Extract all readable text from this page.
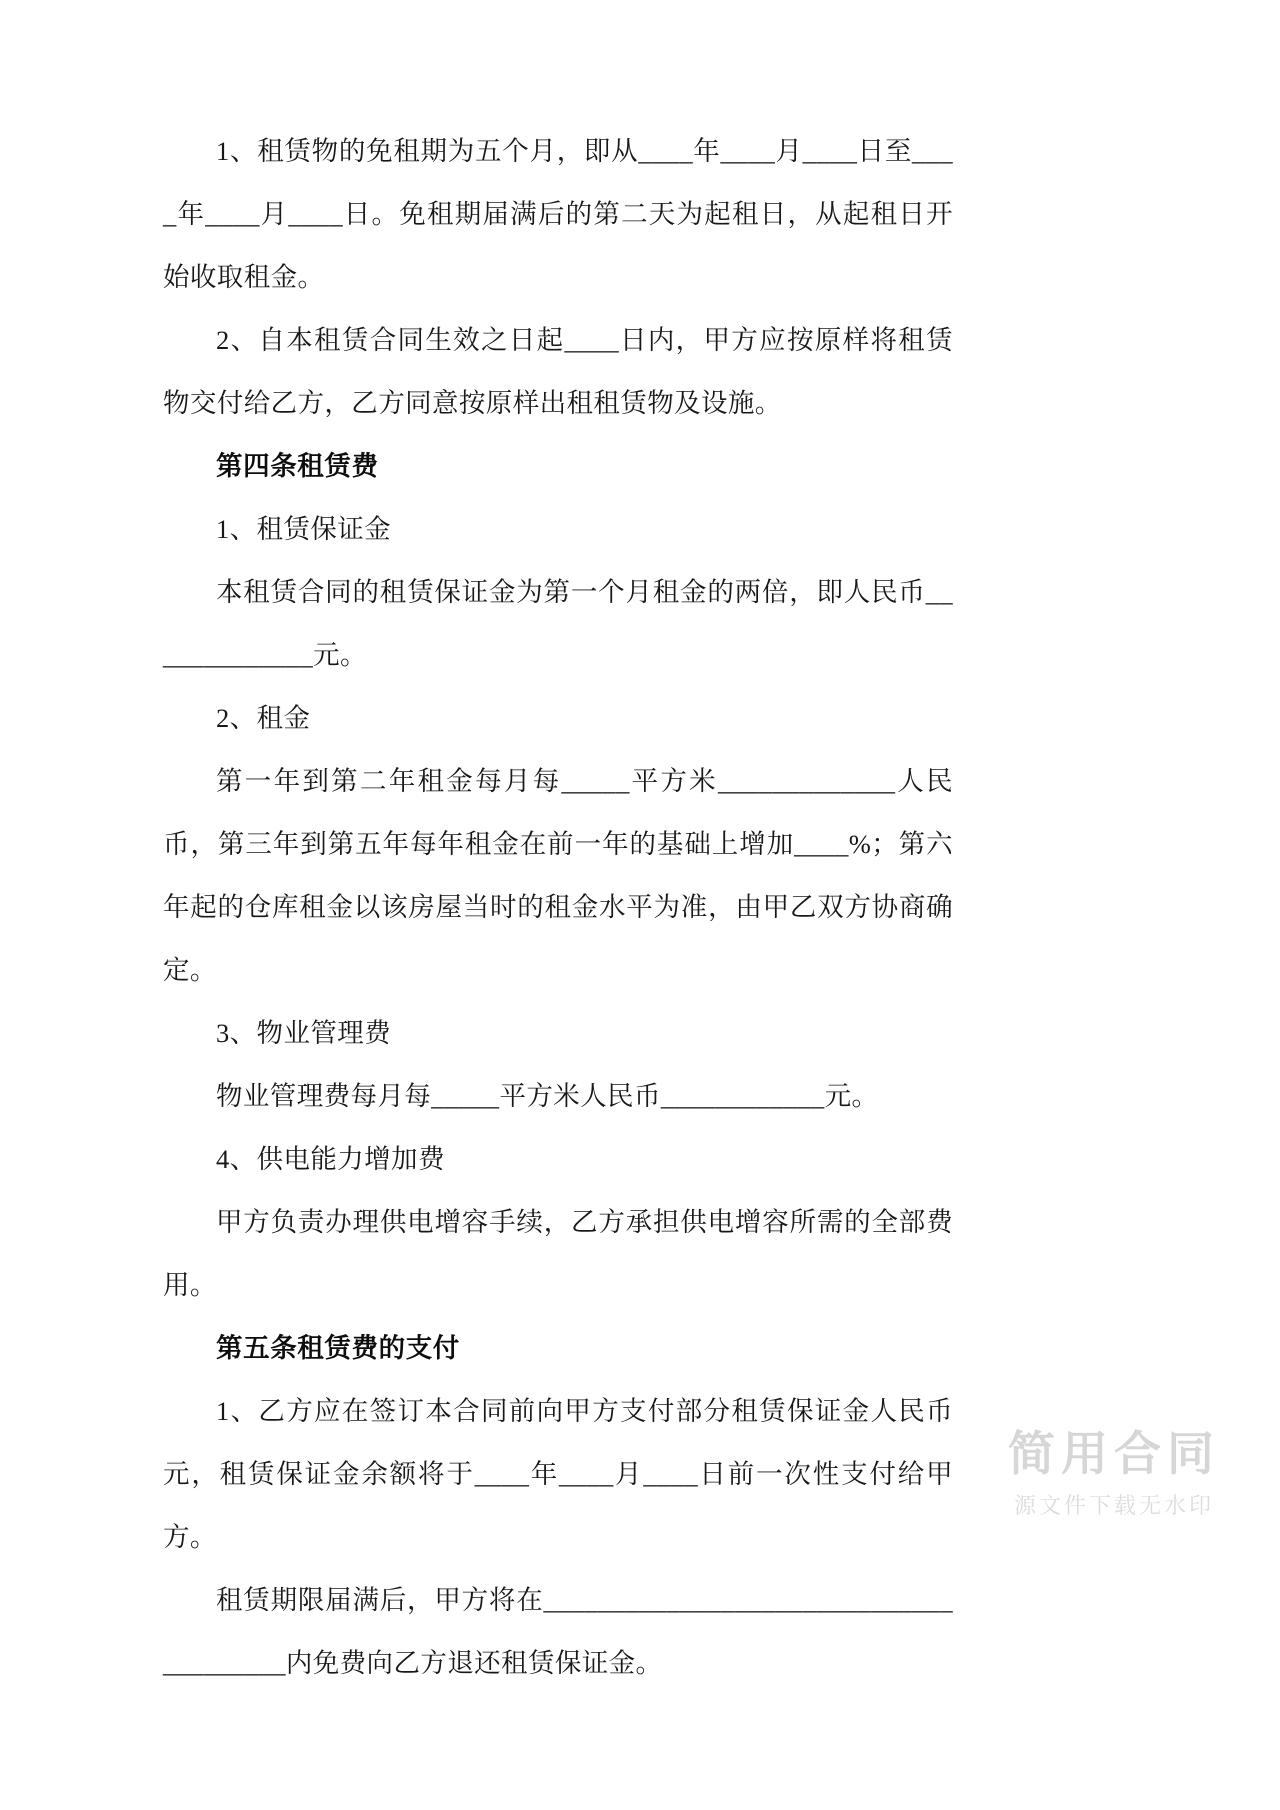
1、租赁物的免租期为五个月，即从____年____月____日至____年____月____日。免租期届满后的第二天为起租日，从起租日开始收取租金。

2、自本租赁合同生效之日起____日内，甲方应按原样将租赁物交付给乙方，乙方同意按原样出租租赁物及设施。

第四条租赁费

1、租赁保证金

本租赁合同的租赁保证金为第一个月租金的两倍，即人民币_____________元。

2、租金

第一年到第二年租金每月每_____平方米_____________人民币，第三年到第五年每年租金在前一年的基础上增加____%；第六年起的仓库租金以该房屋当时的租金水平为准，由甲乙双方协商确定。

3、物业管理费

物业管理费每月每_____平方米人民币____________元。

4、供电能力增加费

甲方负责办理供电增容手续，乙方承担供电增容所需的全部费用。

第五条租赁费的支付

1、乙方应在签订本合同前向甲方支付部分租赁保证金人民币元，租赁保证金余额将于____年____月____日前一次性支付给甲方。

租赁期限届满后，甲方将在_______________________________________内免费向乙方退还租赁保证金。

简用合同
源文件下载无水印
